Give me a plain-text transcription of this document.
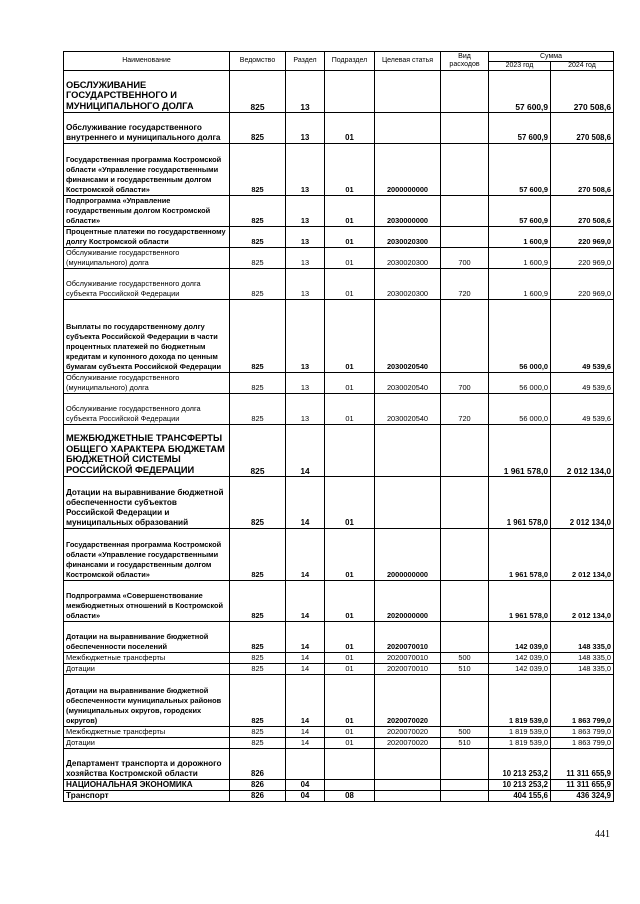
Наименование	Ведомство	Раздел	Подраздел	Целевая статья	Вид расходов	Сумма	
						2023 год	2024 год
ОБСЛУЖИВАНИЕ ГОСУДАРСТВЕННОГО И МУНИЦИПАЛЬНОГО ДОЛГА	825	13				57 600,9	270 508,6
Обслуживание государственного внутреннего и муниципального долга	825	13	01			57 600,9	270 508,6
Государственная программа Костромской области «Управление государственными финансами и государственным долгом Костромской области»	825	13	01	2000000000		57 600,9	270 508,6
Подпрограмма «Управление государственным долгом Костромской области»	825	13	01	2030000000		57 600,9	270 508,6
Процентные платежи по государственному долгу Костромской области	825	13	01	2030020300		1 600,9	220 969,0
Обслуживание государственного (муниципального) долга	825	13	01	2030020300	700	1 600,9	220 969,0
Обслуживание государственного долга субъекта Российской Федерации	825	13	01	2030020300	720	1 600,9	220 969,0
Выплаты по государственному долгу субъекта Российской Федерации в части процентных платежей по бюджетным кредитам и купонного дохода по ценным бумагам субъекта Российской Федерации	825	13	01	2030020540		56 000,0	49 539,6
Обслуживание государственного (муниципального) долга	825	13	01	2030020540	700	56 000,0	49 539,6
Обслуживание государственного долга субъекта Российской Федерации	825	13	01	2030020540	720	56 000,0	49 539,6
МЕЖБЮДЖЕТНЫЕ ТРАНСФЕРТЫ ОБЩЕГО ХАРАКТЕРА БЮДЖЕТАМ БЮДЖЕТНОЙ СИСТЕМЫ РОССИЙСКОЙ ФЕДЕРАЦИИ	825	14				1 961 578,0	2 012 134,0
Дотации на выравнивание бюджетной обеспеченности субъектов Российской Федерации и муниципальных образований	825	14	01			1 961 578,0	2 012 134,0
Государственная программа Костромской области «Управление государственными финансами и государственным долгом Костромской области»	825	14	01	2000000000		1 961 578,0	2 012 134,0
Подпрограмма «Совершенствование межбюджетных отношений в Костромской области»	825	14	01	2020000000		1 961 578,0	2 012 134,0
Дотации на выравнивание бюджетной обеспеченности поселений	825	14	01	2020070010		142 039,0	148 335,0
Межбюджетные трансферты	825	14	01	2020070010	500	142 039,0	148 335,0
Дотации	825	14	01	2020070010	510	142 039,0	148 335,0
Дотации на выравнивание бюджетной обеспеченности муниципальных районов (муниципальных округов, городских округов)	825	14	01	2020070020		1 819 539,0	1 863 799,0
Межбюджетные трансферты	825	14	01	2020070020	500	1 819 539,0	1 863 799,0
Дотации	825	14	01	2020070020	510	1 819 539,0	1 863 799,0
Департамент транспорта и дорожного хозяйства Костромской области	826					10 213 253,2	11 311 655,9
НАЦИОНАЛЬНАЯ ЭКОНОМИКА	826	04				10 213 253,2	11 311 655,9
Транспорт	826	04	08			404 155,6	436 324,9
441
